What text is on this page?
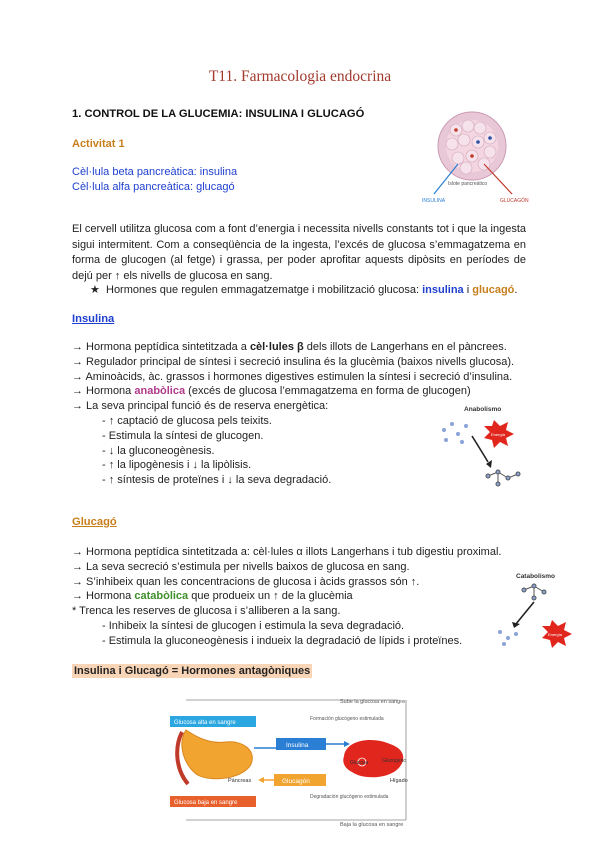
T11. Farmacologia endocrina
1. CONTROL DE LA GLUCEMIA: INSULINA I GLUCAGÓ
Activitat 1
Cèl·lula beta pancreàtica: insulina
Cèl·lula alfa pancreàtica: glucagó	Islote pancreático
INSULINA	GLUCAGÓN
El cervell utilitza glucosa com a font d’energia i necessita nivells constants tot i que la ingesta sigui intermitent. Com a conseqüència de la ingesta, l’excés de glucosa s’emmagatzema en forma de glucogen (al fetge) i grassa, per poder aprofitar aquests dipòsits en períodes de dejú per ↑ els nivells de glucosa en sang.
★ Hormones que regulen emmagatzematge i mobilització glucosa: insulina i glucagó.
Insulina
→ Hormona peptídica sintetitzada a cèl·lules β dels illots de Langerhans en el pàncrees.
→ Regulador principal de síntesi i secreció insulina és la glucèmia (baixos nivells glucosa).
→ Aminoàcids, àc. grassos i hormones digestives estimulen la síntesi i secreció d’insulina.
→ Hormona anabòlica (excés de glucosa l’emmagatzema en forma de glucogen)
→ La seva principal funció és de reserva energètica:
- ↑ captació de glucosa pels teixits.
- Estimula la síntesi de glucogen.
- ↓ la gluconeogènesis.
- ↑ la lipogènesis i ↓ la lipòlisis.
- ↑ síntesis de proteïnes i ↓ la seva degradació.
Anabolismo
Energía
Glucagó
→ Hormona peptídica sintetitzada a: cèl·lules α illots Langerhans i tub digestiu proximal.
→ La seva secreció s’estimula per nivells baixos de glucosa en sang.
→ S’inhibeix quan les concentracions de glucosa i àcids grassos són ↑.
→ Hormona catabòlica que produeix un ↑ de la glucèmia
* Trenca les reserves de glucosa i s’alliberen a la sang.
- Inhibeix la síntesi de glucogen i estimula la seva degradació.
- Estimula la gluconeogènesis i indueix la degradació de lípids i proteïnes.
Catabolismo
Energía
Insulina i Glucagó = Hormones antagòniques
Sube la glucosa en sangre
Glucosa alta en sangre
Formación glucógeno estimulada
Páncreas
Insulina
Glucosa	Glucógeno
Hígado
Glucagón
Glucosa baja en sangre
Degradación glucógeno estimulada
Baja la glucosa en sangre
